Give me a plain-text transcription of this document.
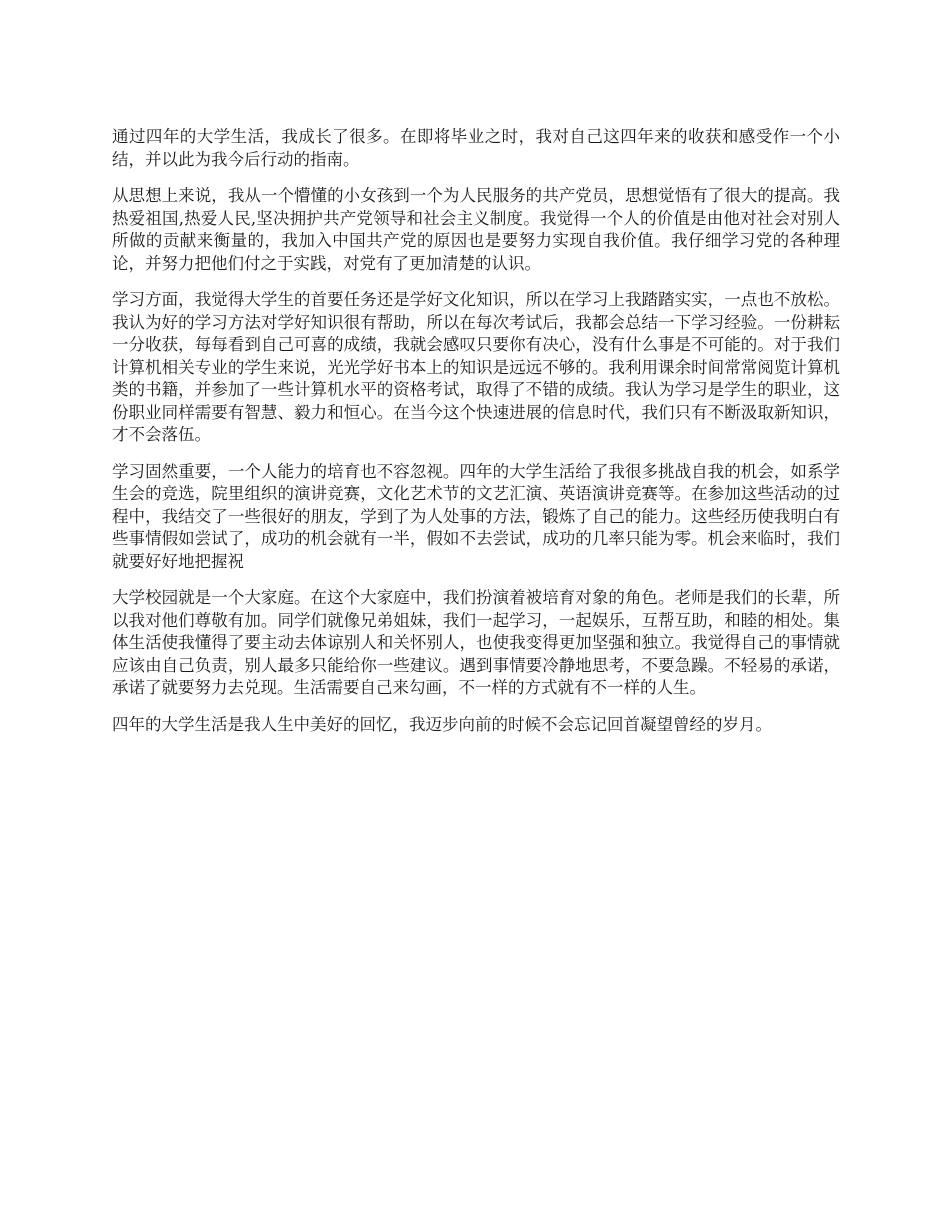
通过四年的大学生活，我成长了很多。在即将毕业之时，我对自己这四年来的收获和感受作一个小结，并以此为我今后行动的指南。

从思想上来说，我从一个懵懂的小女孩到一个为人民服务的共产党员，思想觉悟有了很大的提高。我热爱祖国,热爱人民,坚决拥护共产党领导和社会主义制度。我觉得一个人的价值是由他对社会对别人所做的贡献来衡量的，我加入中国共产党的原因也是要努力实现自我价值。我仔细学习党的各种理论，并努力把他们付之于实践，对党有了更加清楚的认识。

学习方面，我觉得大学生的首要任务还是学好文化知识，所以在学习上我踏踏实实，一点也不放松。我认为好的学习方法对学好知识很有帮助，所以在每次考试后，我都会总结一下学习经验。一份耕耘一分收获，每每看到自己可喜的成绩，我就会感叹只要你有决心，没有什么事是不可能的。对于我们计算机相关专业的学生来说，光光学好书本上的知识是远远不够的。我利用课余时间常常阅览计算机类的书籍，并参加了一些计算机水平的资格考试，取得了不错的成绩。我认为学习是学生的职业，这份职业同样需要有智慧、毅力和恒心。在当今这个快速进展的信息时代，我们只有不断汲取新知识，才不会落伍。

学习固然重要，一个人能力的培育也不容忽视。四年的大学生活给了我很多挑战自我的机会，如系学生会的竞选，院里组织的演讲竞赛，文化艺术节的文艺汇演、英语演讲竞赛等。在参加这些活动的过程中，我结交了一些很好的朋友，学到了为人处事的方法，锻炼了自己的能力。这些经历使我明白有些事情假如尝试了，成功的机会就有一半，假如不去尝试，成功的几率只能为零。机会来临时，我们就要好好地把握祝

大学校园就是一个大家庭。在这个大家庭中，我们扮演着被培育对象的角色。老师是我们的长辈，所以我对他们尊敬有加。同学们就像兄弟姐妹，我们一起学习，一起娱乐，互帮互助，和睦的相处。集体生活使我懂得了要主动去体谅别人和关怀别人，也使我变得更加坚强和独立。我觉得自己的事情就应该由自己负责，别人最多只能给你一些建议。遇到事情要冷静地思考，不要急躁。不轻易的承诺，承诺了就要努力去兑现。生活需要自己来勾画，不一样的方式就有不一样的人生。

四年的大学生活是我人生中美好的回忆，我迈步向前的时候不会忘记回首凝望曾经的岁月。
